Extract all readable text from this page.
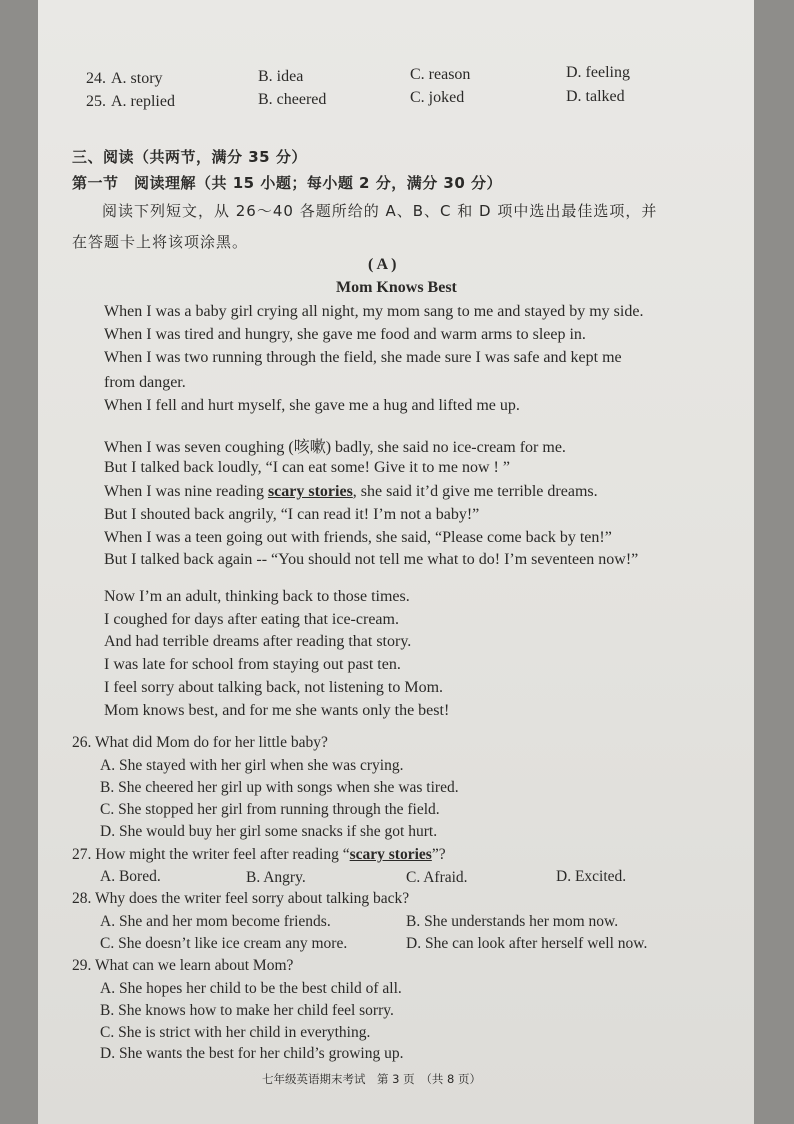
24. A. story	B. idea	C. reason	D. feeling
25. A. replied	B. cheered	C. joked	D. talked
三、阅读（共两节，满分 35 分）
第一节　阅读理解（共 15 小题；每小题 2 分，满分 30 分）
阅读下列短文，从 26～40 各题所给的 A、B、C 和 D 项中选出最佳选项，并
在答题卡上将该项涂黑。
( A )
Mom Knows Best
When I was a baby girl crying all night, my mom sang to me and stayed by my side.
When I was tired and hungry, she gave me food and warm arms to sleep in.
When I was two running through the field, she made sure I was safe and kept me
from danger.
When I fell and hurt myself, she gave me a hug and lifted me up.
When I was seven coughing (咳嗽) badly, she said no ice-cream for me.
But I talked back loudly, “I can eat some! Give it to me now ! ”
When I was nine reading scary stories, she said it’d give me terrible dreams.
But I shouted back angrily, “I can read it! I’m not a baby!”
When I was a teen going out with friends, she said, “Please come back by ten!”
But I talked back again -- “You should not tell me what to do! I’m seventeen now!”
Now I’m an adult, thinking back to those times.
I coughed for days after eating that ice-cream.
And had terrible dreams after reading that story.
I was late for school from staying out past ten.
I feel sorry about talking back, not listening to Mom.
Mom knows best, and for me she wants only the best!
26. What did Mom do for her little baby?
A. She stayed with her girl when she was crying.
B. She cheered her girl up with songs when she was tired.
C. She stopped her girl from running through the field.
D. She would buy her girl some snacks if she got hurt.
27. How might the writer feel after reading “scary stories”?
A. Bored.	B. Angry.	C. Afraid.	D. Excited.
28. Why does the writer feel sorry about talking back?
A. She and her mom become friends.	B. She understands her mom now.
C. She doesn’t like ice cream any more.	D. She can look after herself well now.
29. What can we learn about Mom?
A. She hopes her child to be the best child of all.
B. She knows how to make her child feel sorry.
C. She is strict with her child in everything.
D. She wants the best for her child’s growing up.
七年级英语期末考试　第 3 页　（共 8 页）
